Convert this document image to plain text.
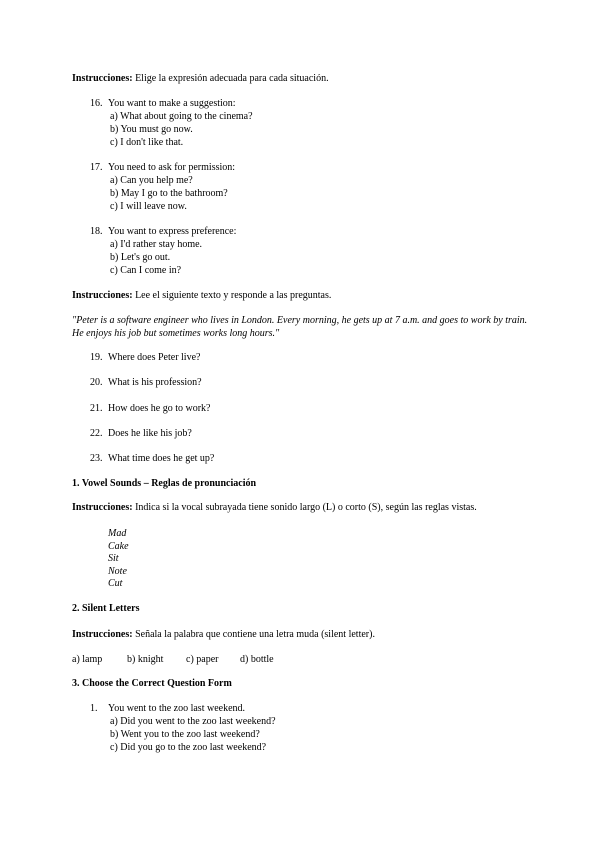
Instrucciones: Elige la expresión adecuada para cada situación.
16. You want to make a suggestion:
a) What about going to the cinema?
b) You must go now.
c) I don't like that.
17. You need to ask for permission:
a) Can you help me?
b) May I go to the bathroom?
c) I will leave now.
18. You want to express preference:
a) I'd rather stay home.
b) Let's go out.
c) Can I come in?
Instrucciones: Lee el siguiente texto y responde a las preguntas.
"Peter is a software engineer who lives in London. Every morning, he gets up at 7 a.m. and goes to work by train. He enjoys his job but sometimes works long hours."
19. Where does Peter live?
20. What is his profession?
21. How does he go to work?
22. Does he like his job?
23. What time does he get up?
1. Vowel Sounds – Reglas de pronunciación
Instrucciones: Indica si la vocal subrayada tiene sonido largo (L) o corto (S), según las reglas vistas.
Mad
Cake
Sit
Note
Cut
2. Silent Letters
Instrucciones: Señala la palabra que contiene una letra muda (silent letter).
a) lamp b) knight c) paper d) bottle
3. Choose the Correct Question Form
1. You went to the zoo last weekend.
a) Did you went to the zoo last weekend?
b) Went you to the zoo last weekend?
c) Did you go to the zoo last weekend?
